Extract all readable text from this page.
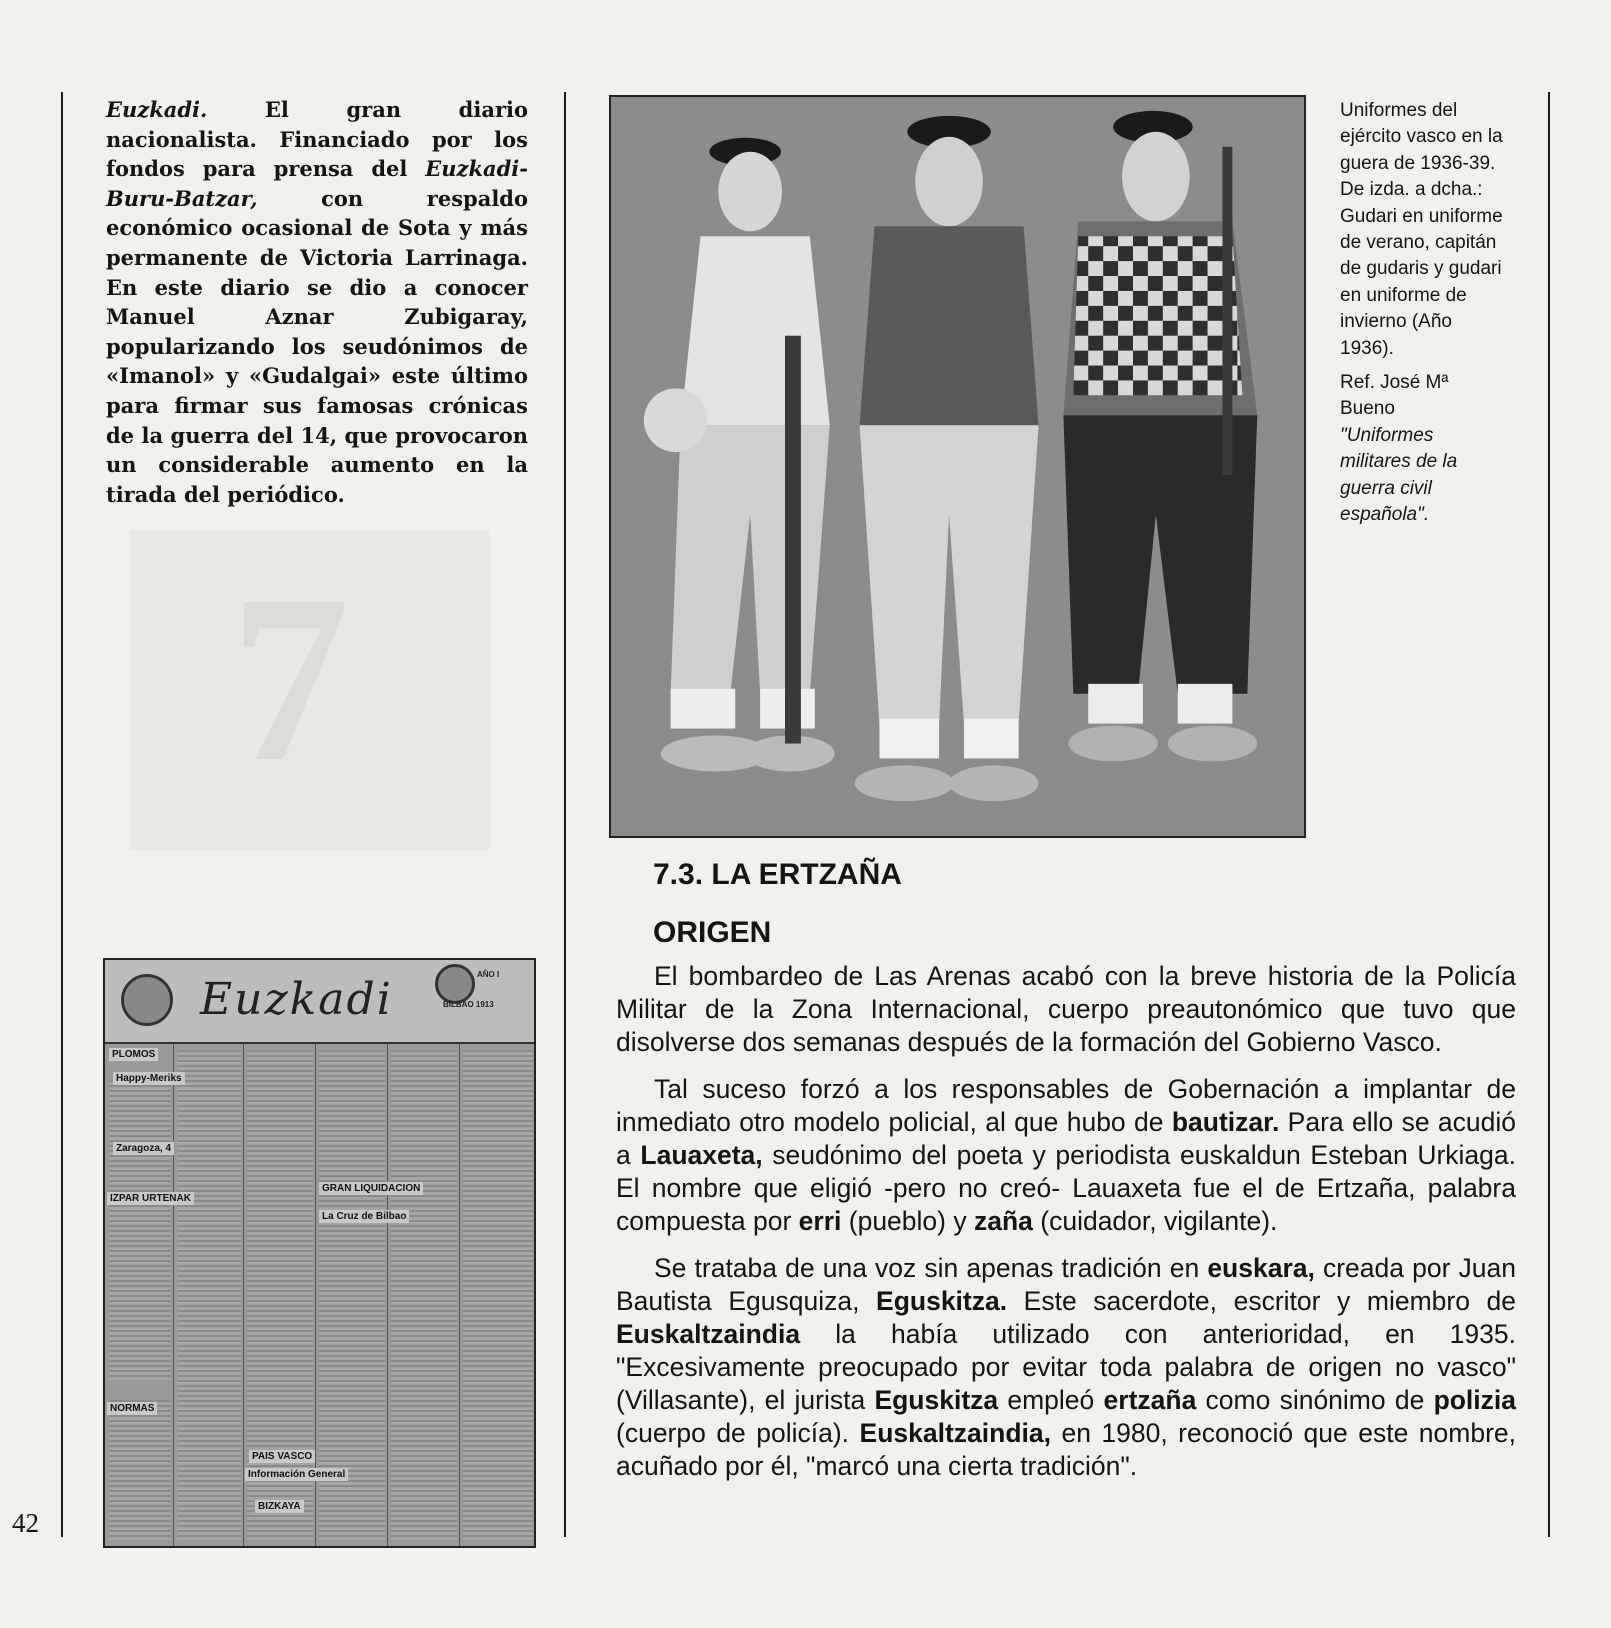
7
42

Euzkadi. El gran diario nacionalista. Financiado por los fondos para prensa del Euzkadi-Buru-Batzar, con respaldo económico ocasional de Sota y más permanente de Victoria Larrinaga. En este diario se dio a conocer Manuel Aznar Zubigaray, popularizando los seudónimos de «Imanol» y «Gudalgai» este último para firmar sus famosas crónicas de la guerra del 14, que provocaron un considerable aumento en la tirada del periódico.

Uniformes del ejército vasco en la guera de 1936-39. De izda. a dcha.: Gudari en uniforme de verano, capitán de gudaris y gudari en uniforme de invierno (Año 1936).

Ref. José Mª Bueno
"Uniformes militares de la guerra civil española".

7.3. LA ERTZAÑA
ORIGEN

El bombardeo de Las Arenas acabó con la breve historia de la Policía Militar de la Zona Internacional, cuerpo preautonómico que tuvo que disolverse dos semanas después de la formación del Gobierno Vasco.

Tal suceso forzó a los responsables de Gobernación a implantar de inmediato otro modelo policial, al que hubo de bautizar. Para ello se acudió a Lauaxeta, seudónimo del poeta y periodista euskaldun Esteban Urkiaga. El nombre que eligió -pero no creó- Lauaxeta fue el de Ertzaña, palabra compuesta por erri (pueblo) y zaña (cuidador, vigilante).

Se trataba de una voz sin apenas tradición en euskara, creada por Juan Bautista Egusquiza, Eguskitza. Este sacerdote, escritor y miembro de Euskaltzaindia la había utilizado con anterioridad, en 1935. "Excesivamente preocupado por evitar toda palabra de origen no vasco" (Villasante), el jurista Eguskitza empleó ertzaña como sinónimo de polizia (cuerpo de policía). Euskaltzaindia, en 1980, reconoció que este nombre, acuñado por él, "marcó una cierta tradición".

Euzkadi	AÑO I
BILBAO 1913
PLOMOS
Happy-Meriks
Zaragoza, 4
IZPAR URTENAK
NORMAS
PAIS VASCO
Información General
BIZKAYA
GRAN LIQUIDACION
La Cruz de Bilbao
